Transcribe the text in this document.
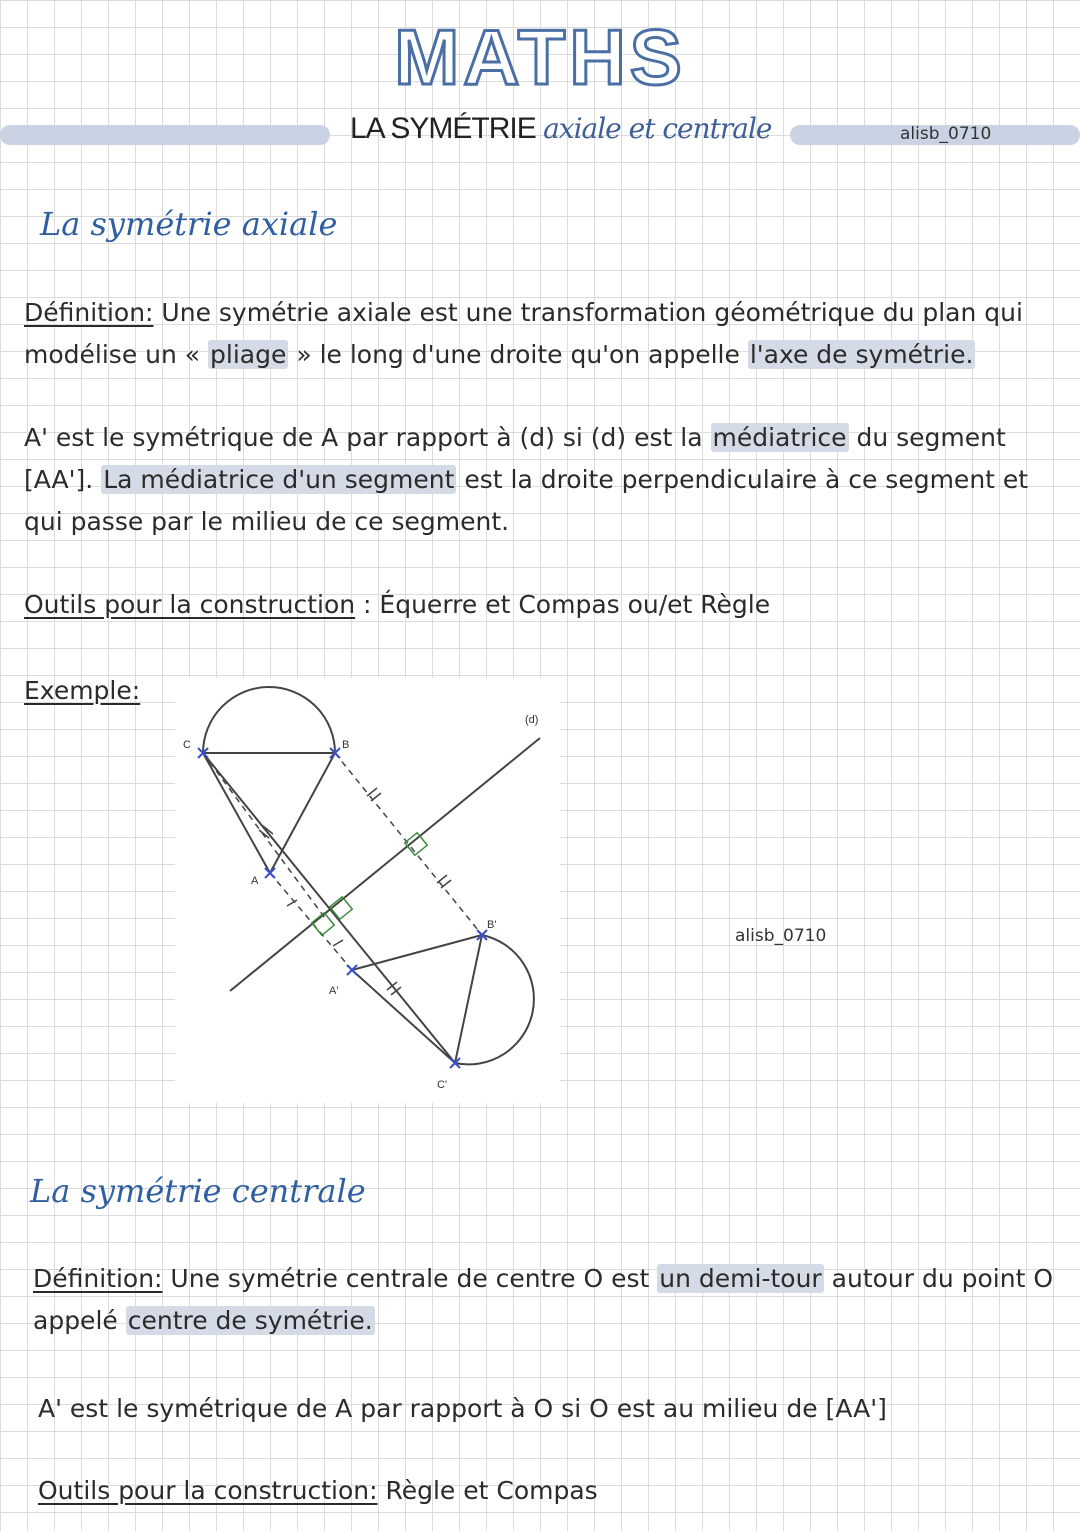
MATHS
LA SYMÉTRIE axiale et centrale	alisb_0710
La symétrie axiale
Définition: Une symétrie axiale est une transformation géométrique du plan qui modélise un « pliage » le long d'une droite qu'on appelle l'axe de symétrie.
A' est le symétrique de A par rapport à (d) si (d) est la médiatrice du segment [AA']. La médiatrice d'un segment est la droite perpendiculaire à ce segment et qui passe par le milieu de ce segment.
Outils pour la construction : Équerre et Compas ou/et Règle
Exemple:
(d)
C	B
A
B'
A'
C'
alisb_0710
La symétrie centrale
Définition: Une symétrie centrale de centre O est un demi-tour autour du point O appelé centre de symétrie.
A' est le symétrique de A par rapport à O si O est au milieu de [AA']
Outils pour la construction: Règle et Compas
